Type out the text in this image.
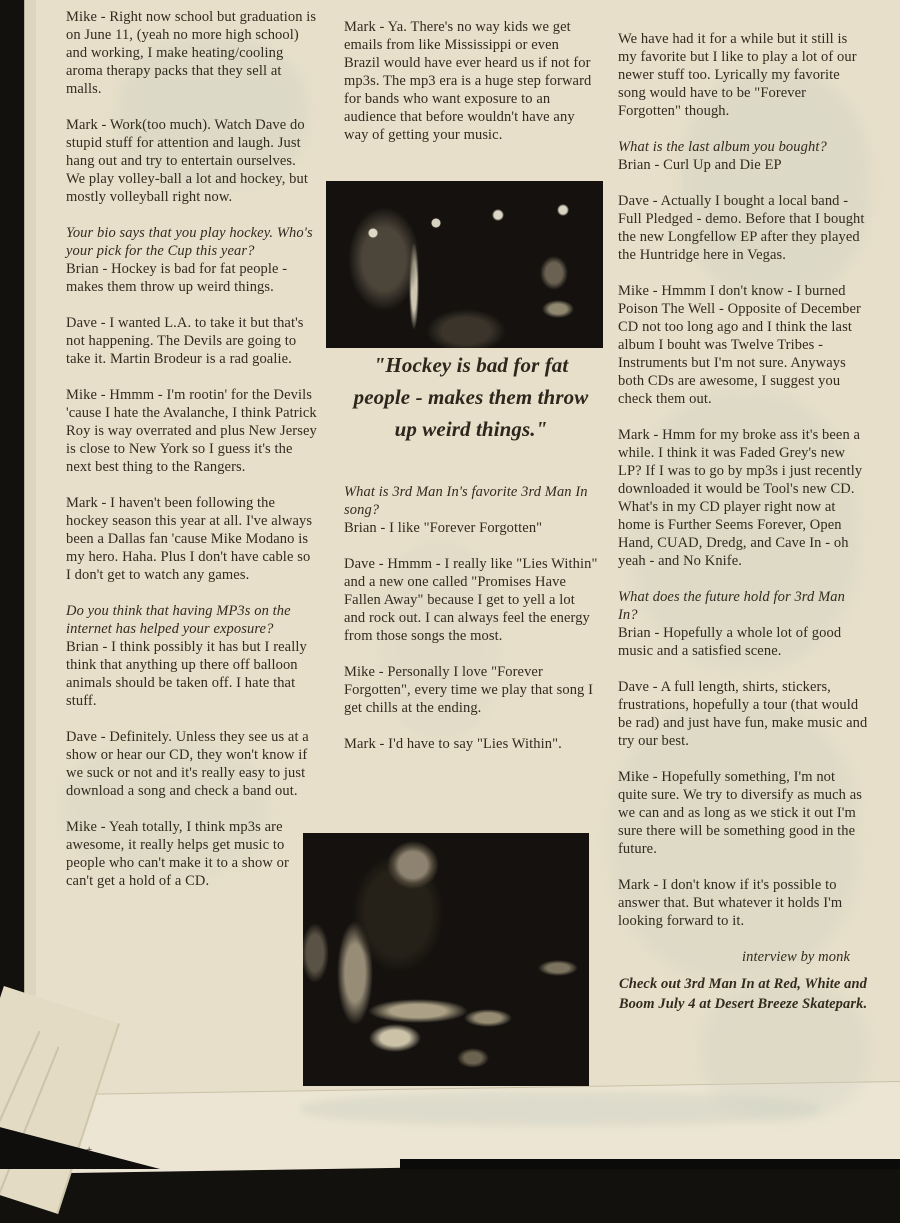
Mike - Right now school but graduation is on June 11, (yeah no more high school) and working, I make heating/cooling aroma therapy packs that they sell at malls.

Mark - Work(too much). Watch Dave do stupid stuff for attention and laugh. Just hang out and try to entertain ourselves. We play volley-ball a lot and hockey, but mostly volleyball right now.

Your bio says that you play hockey. Who's your pick for the Cup this year?

Brian - Hockey is bad for fat people - makes them throw up weird things.

Dave - I wanted L.A. to take it but that's not happening. The Devils are going to take it. Martin Brodeur is a rad goalie.

Mike - Hmmm - I'm rootin' for the Devils 'cause I hate the Avalanche, I think Patrick Roy is way overrated and plus New Jersey is close to New York so I guess it's the next best thing to the Rangers.

Mark - I haven't been following the hockey season this year at all. I've always been a Dallas fan 'cause Mike Modano is my hero. Haha. Plus I don't have cable so I don't get to watch any games.

Do you think that having MP3s on the internet has helped your exposure?

Brian - I think possibly it has but I really think that anything up there off balloon animals should be taken off. I hate that stuff.

Dave - Definitely. Unless they see us at a show or hear our CD, they won't know if we suck or not and it's really easy to just download a song and check a band out.

Mike - Yeah totally, I think mp3s are awesome, it really helps get music to people who can't make it to a show or can't get a hold of a CD.

Mark - Ya. There's no way kids we get emails from like Mississippi or even Brazil would have ever heard us if not for mp3s. The mp3 era is a huge step forward for bands who want exposure to an audience that before wouldn't have any way of getting your music.

"Hockey is bad for fat people - makes them throw up weird things."

What is 3rd Man In's favorite 3rd Man In song?

Brian - I like "Forever Forgotten"

Dave - Hmmm - I really like "Lies Within" and a new one called "Promises Have Fallen Away" because I get to yell a lot and rock out. I can always feel the energy from those songs the most.

Mike - Personally I love "Forever Forgotten", every time we play that song I get chills at the ending.

Mark - I'd have to say "Lies Within".

We have had it for a while but it still is my favorite but I like to play a lot of our newer stuff too. Lyrically my favorite song would have to be "Forever Forgotten" though.

What is the last album you bought?

Brian - Curl Up and Die EP

Dave - Actually I bought a local band - Full Pledged - demo. Before that I bought the new Longfellow EP after they played the Huntridge here in Vegas.

Mike - Hmmm I don't know - I burned Poison The Well - Opposite of December CD not too long ago and I think the last album I bouht was Twelve Tribes - Instruments but I'm not sure. Anyways both CDs are awesome, I suggest you check them out.

Mark - Hmm for my broke ass it's been a while. I think it was Faded Grey's new LP? If I was to go by mp3s i just recently downloaded it would be Tool's new CD. What's in my CD player right now at home is Further Seems Forever, Open Hand, CUAD, Dredg, and Cave In - oh yeah - and No Knife.

What does the future hold for 3rd Man In?

Brian - Hopefully a whole lot of good music and a satisfied scene.

Dave - A full length, shirts, stickers, frustrations, hopefully a tour (that would be rad) and just have fun, make music and try our best.

Mike - Hopefully something, I'm not quite sure. We try to diversify as much as we can and as long as we stick it out I'm sure there will be something good in the future.

Mark - I don't know if it's possible to answer that. But whatever it holds I'm looking forward to it.

interview by monk

Check out 3rd Man In at Red, White and Boom July 4 at Desert Breeze Skatepark.

+
